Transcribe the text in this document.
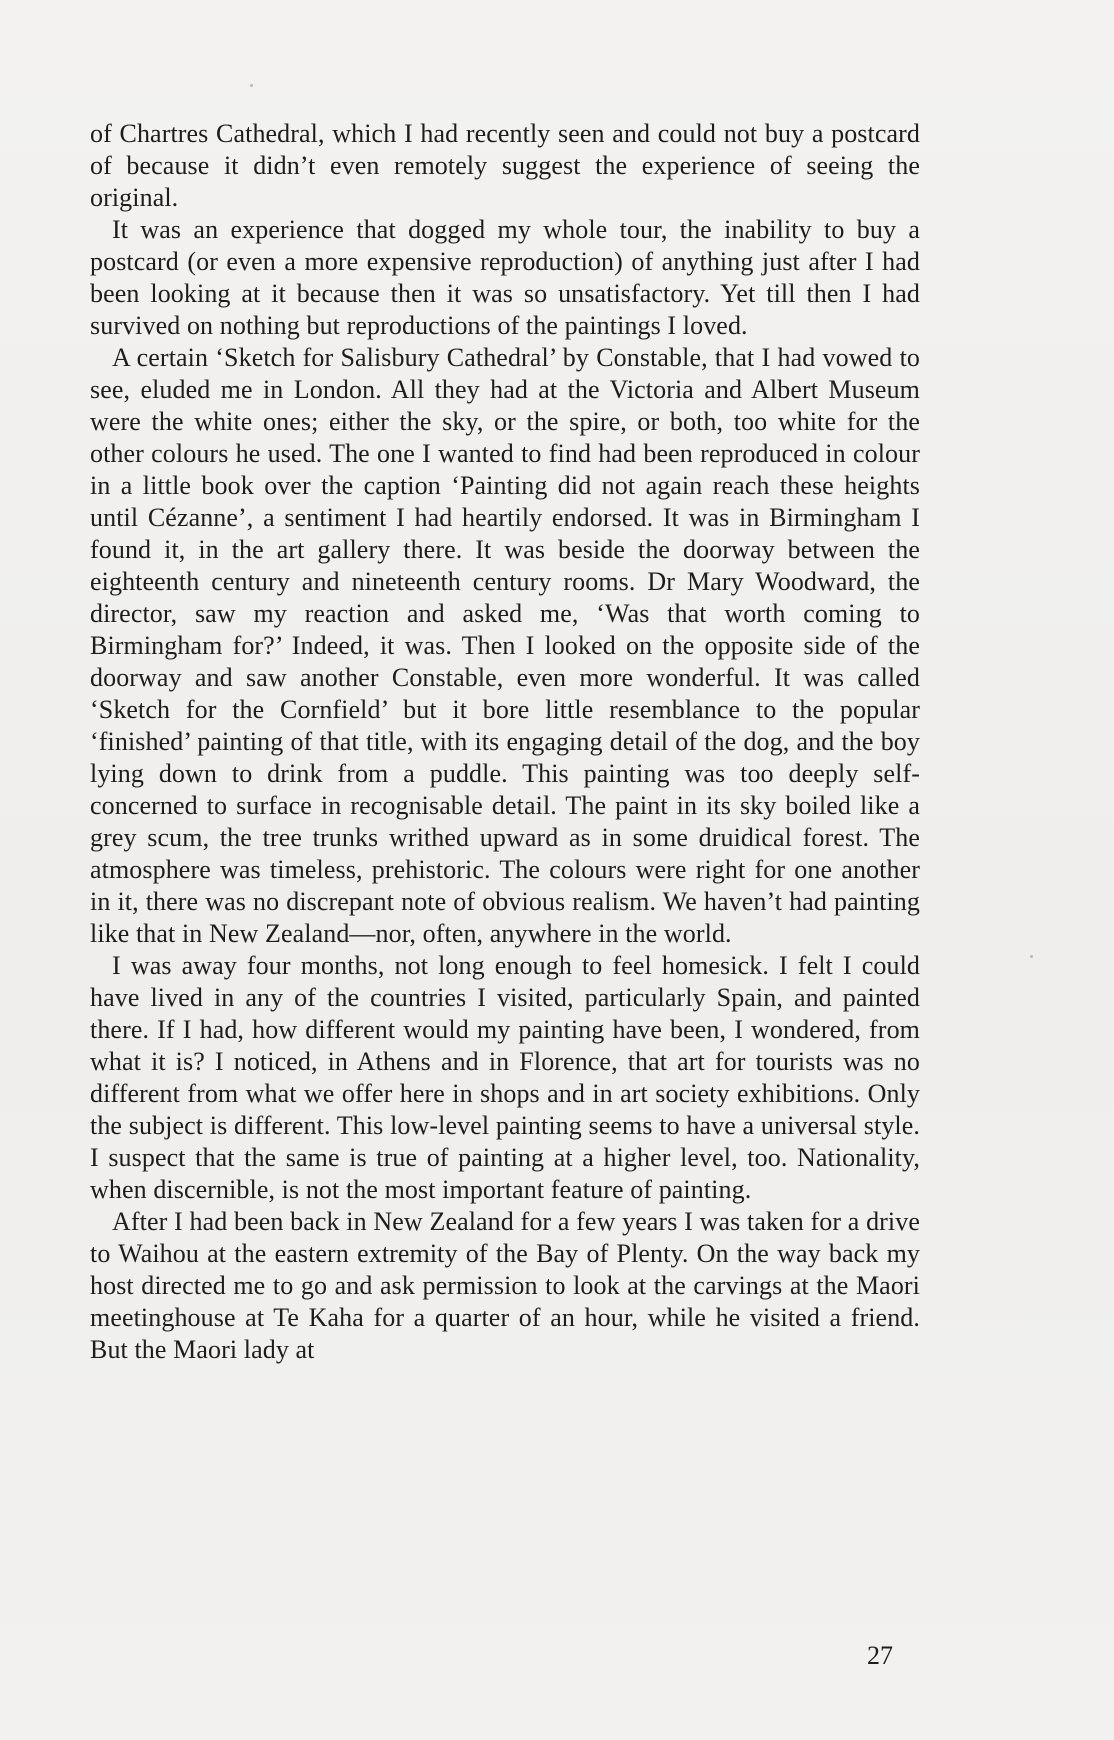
of Chartres Cathedral, which I had recently seen and could not buy a postcard of because it didn’t even remotely suggest the experience of seeing the original.

It was an experience that dogged my whole tour, the inability to buy a postcard (or even a more expensive reproduction) of anything just after I had been looking at it because then it was so unsatisfactory. Yet till then I had survived on nothing but reproductions of the paintings I loved.

A certain ‘Sketch for Salisbury Cathedral’ by Constable, that I had vowed to see, eluded me in London. All they had at the Victoria and Albert Museum were the white ones; either the sky, or the spire, or both, too white for the other colours he used. The one I wanted to find had been reproduced in colour in a little book over the caption ‘Painting did not again reach these heights until Cézanne’, a sentiment I had heartily endorsed. It was in Birmingham I found it, in the art gallery there. It was beside the doorway between the eighteenth century and nineteenth century rooms. Dr Mary Woodward, the director, saw my reaction and asked me, ‘Was that worth coming to Birmingham for?’ Indeed, it was. Then I looked on the opposite side of the doorway and saw another Constable, even more wonderful. It was called ‘Sketch for the Cornfield’ but it bore little resemblance to the popular ‘finished’ painting of that title, with its engaging detail of the dog, and the boy lying down to drink from a puddle. This painting was too deeply self-concerned to surface in recognisable detail. The paint in its sky boiled like a grey scum, the tree trunks writhed upward as in some druidical forest. The atmosphere was timeless, prehistoric. The colours were right for one another in it, there was no discrepant note of obvious realism. We haven’t had painting like that in New Zealand—nor, often, anywhere in the world.

I was away four months, not long enough to feel homesick. I felt I could have lived in any of the countries I visited, particularly Spain, and painted there. If I had, how different would my painting have been, I wondered, from what it is? I noticed, in Athens and in Florence, that art for tourists was no different from what we offer here in shops and in art society exhibitions. Only the subject is different. This low-level painting seems to have a universal style. I suspect that the same is true of painting at a higher level, too. Nationality, when discernible, is not the most important feature of painting.

After I had been back in New Zealand for a few years I was taken for a drive to Waihou at the eastern extremity of the Bay of Plenty. On the way back my host directed me to go and ask permission to look at the carvings at the Maori meetinghouse at Te Kaha for a quarter of an hour, while he visited a friend. But the Maori lady at

27
